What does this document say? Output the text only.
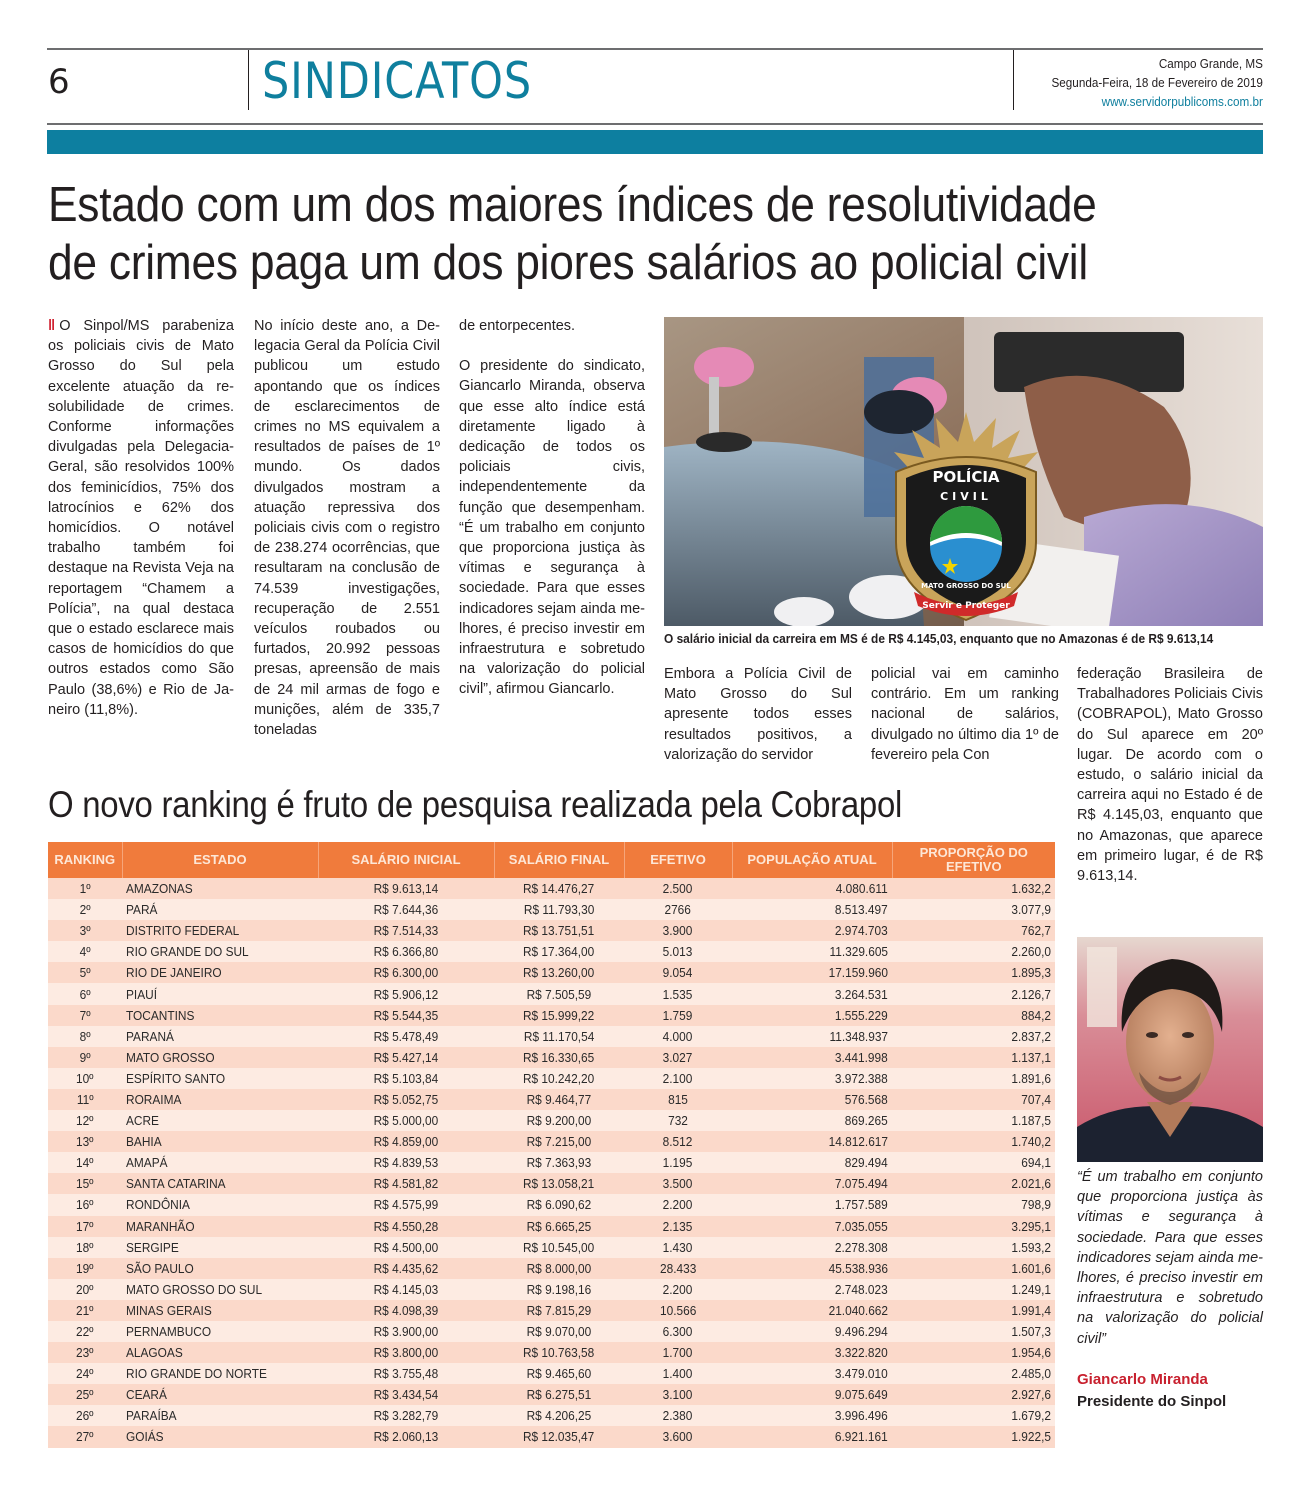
6	SINDICATOS	Campo Grande, MS
Segunda-Feira, 18 de Fevereiro de 2019
www.servidorpublicoms.com.br
Estado com um dos maiores índices de resolutividade
de crimes paga um dos piores salários ao policial civil

‖ O Sinpol/MS parabeniza os policiais civis de Mato Grosso do Sul pela excelente atuação da resolubilidade de crimes. Conforme informações divulgadas pela Delegacia-Geral, são resolvidos 100% dos feminicídios, 75% dos latrocínios e 62% dos homicídios. O notável trabalho também foi destaque na Revista Veja na reportagem “Chamem a Polícia”, na qual destaca que o estado esclarece mais casos de homicídios do que outros estados como São Paulo (38,6%) e Rio de Janeiro (11,8%).

No início deste ano, a Delegacia Geral da Polícia Civil publicou um estudo apontando que os índices de esclarecimentos de crimes no MS equivalem a resultados de países de 1º mundo. Os dados divulgados mostram a atuação repressiva dos policiais civis com o registro de 238.274 ocorrências, que resultaram na conclusão de 74.539 investigações, recuperação de 2.551 veículos roubados ou furtados, 20.992 pessoas presas, apreensão de mais de 24 mil armas de fogo e munições, além de 335,7 toneladas

de entorpecentes.

O presidente do sindicato, Giancarlo Miranda, observa que esse alto índice está diretamente ligado à dedicação de todos os policiais civis, independentemente da função que desempenham. “É um trabalho em conjunto que proporciona justiça às vítimas e segurança à sociedade. Para que esses indicadores sejam ainda melhores, é preciso investir em infraestrutura e sobretudo na valorização do policial civil”, afirmou Giancarlo.

POLÍCIA
CIVIL
MATO GROSSO DO SUL
Servir e Proteger
O salário inicial da carreira em MS é de R$ 4.145,03, enquanto que no Amazonas é de R$ 9.613,14

Embora a Polícia Civil de Mato Grosso do Sul apresente todos esses resultados positivos, a valorização do servidor

policial vai em caminho contrário. Em um ranking nacional de salários, divulgado no último dia 1º de fevereiro pela Con

federação Brasileira de Trabalhadores Policiais Civis (COBRAPOL), Mato Grosso do Sul aparece em 20º lugar. De acordo com o estudo, o salário inicial da carreira aqui no Estado é de R$ 4.145,03, enquanto que no Amazonas, que aparece em primeiro lugar, é de R$ 9.613,14.

O novo ranking é fruto de pesquisa realizada pela Cobrapol
RANKING	ESTADO	SALÁRIO INICIAL	SALÁRIO FINAL	EFETIVO	POPULAÇÃO ATUAL	PROPORÇÃO DO EFETIVO
1º	AMAZONAS	R$ 9.613,14	R$ 14.476,27	2.500	4.080.611	1.632,2
2º	PARÁ	R$ 7.644,36	R$ 11.793,30	2766	8.513.497	3.077,9
3º	DISTRITO FEDERAL	R$ 7.514,33	R$ 13.751,51	3.900	2.974.703	762,7
4º	RIO GRANDE DO SUL	R$ 6.366,80	R$ 17.364,00	5.013	11.329.605	2.260,0
5º	RIO DE JANEIRO	R$ 6.300,00	R$ 13.260,00	9.054	17.159.960	1.895,3
6º	PIAUÍ	R$ 5.906,12	R$ 7.505,59	1.535	3.264.531	2.126,7
7º	TOCANTINS	R$ 5.544,35	R$ 15.999,22	1.759	1.555.229	884,2
8º	PARANÁ	R$ 5.478,49	R$ 11.170,54	4.000	11.348.937	2.837,2
9º	MATO GROSSO	R$ 5.427,14	R$ 16.330,65	3.027	3.441.998	1.137,1
10º	ESPÍRITO SANTO	R$ 5.103,84	R$ 10.242,20	2.100	3.972.388	1.891,6
11º	RORAIMA	R$ 5.052,75	R$ 9.464,77	815	576.568	707,4
12º	ACRE	R$ 5.000,00	R$ 9.200,00	732	869.265	1.187,5
13º	BAHIA	R$ 4.859,00	R$ 7.215,00	8.512	14.812.617	1.740,2
14º	AMAPÁ	R$ 4.839,53	R$ 7.363,93	1.195	829.494	694,1
15º	SANTA CATARINA	R$ 4.581,82	R$ 13.058,21	3.500	7.075.494	2.021,6
16º	RONDÔNIA	R$ 4.575,99	R$ 6.090,62	2.200	1.757.589	798,9
17º	MARANHÃO	R$ 4.550,28	R$ 6.665,25	2.135	7.035.055	3.295,1
18º	SERGIPE	R$ 4.500,00	R$ 10.545,00	1.430	2.278.308	1.593,2
19º	SÃO PAULO	R$ 4.435,62	R$ 8.000,00	28.433	45.538.936	1.601,6
20º	MATO GROSSO DO SUL	R$ 4.145,03	R$ 9.198,16	2.200	2.748.023	1.249,1
21º	MINAS GERAIS	R$ 4.098,39	R$ 7.815,29	10.566	21.040.662	1.991,4
22º	PERNAMBUCO	R$ 3.900,00	R$ 9.070,00	6.300	9.496.294	1.507,3
23º	ALAGOAS	R$ 3.800,00	R$ 10.763,58	1.700	3.322.820	1.954,6
24º	RIO GRANDE DO NORTE	R$ 3.755,48	R$ 9.465,60	1.400	3.479.010	2.485,0
25º	CEARÁ	R$ 3.434,54	R$ 6.275,51	3.100	9.075.649	2.927,6
26º	PARAÍBA	R$ 3.282,79	R$ 4.206,25	2.380	3.996.496	1.679,2
27º	GOIÁS	R$ 2.060,13	R$ 12.035,47	3.600	6.921.161	1.922,5
“É um trabalho em conjunto que proporciona justiça às vítimas e segurança à sociedade. Para que esses indicadores sejam ainda melhores, é preciso investir em infraestrutura e sobretudo na valorização do policial civil”
Giancarlo Miranda
Presidente do Sinpol
